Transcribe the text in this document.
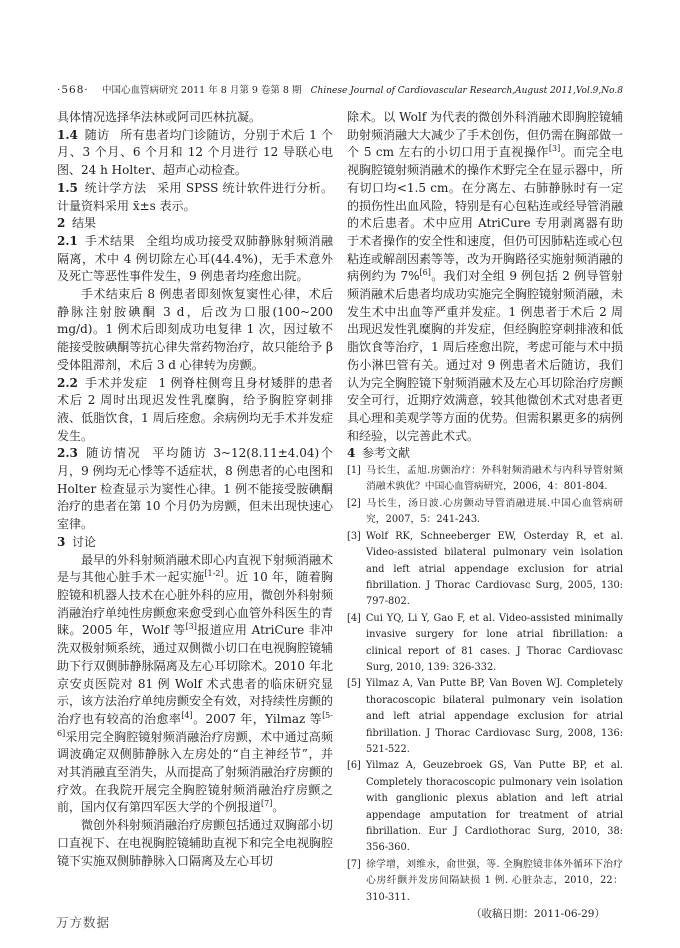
·568·	中国心血管病研究 2011 年 8 月第 9 卷第 8 期 Chinese Journal of Cardiovascular Research,August 2011,Vol.9,No.8

具体情况选择华法林或阿司匹林抗凝。

1.4 随访 所有患者均门诊随访，分别于术后 1 个月、3 个月、6 个月和 12 个月进行 12 导联心电图、24 h Holter、超声心动检查。

1.5 统计学方法 采用 SPSS 统计软件进行分析。计量资料采用 x̄±s 表示。

2 结果

2.1 手术结果 全组均成功接受双肺静脉射频消融隔离，术中 4 例切除左心耳(44.4%)，无手术意外及死亡等恶性事件发生，9 例患者均痊愈出院。

手术结束后 8 例患者即刻恢复窦性心律，术后静脉注射胺碘酮 3 d，后改为口服(100~200 mg/d)。1 例术后即刻成功电复律 1 次，因过敏不能接受胺碘酮等抗心律失常药物治疗，故只能给予 β 受体阻滞剂，术后 3 d 心律转为房颤。

2.2 手术并发症 1 例脊柱侧弯且身材矮胖的患者术后 2 周时出现迟发性乳糜胸，给予胸腔穿刺排液、低脂饮食，1 周后痊愈。余病例均无手术并发症发生。

2.3 随访情况 平均随访 3~12(8.11±4.04)个月，9 例均无心悸等不适症状，8 例患者的心电图和 Holter 检查显示为窦性心律。1 例不能接受胺碘酮治疗的患者在第 10 个月仍为房颤，但未出现快速心室律。

3 讨论

最早的外科射频消融术即心内直视下射频消融术是与其他心脏手术一起实施[1-2]。近 10 年，随着胸腔镜和机器人技术在心脏外科的应用，微创外科射频消融治疗单纯性房颤愈来愈受到心血管外科医生的青睐。2005 年，Wolf 等[3]报道应用 AtriCure 非冲洗双极射频系统，通过双侧微小切口在电视胸腔镜辅助下行双侧肺静脉隔离及左心耳切除术。2010 年北京安贞医院对 81 例 Wolf 术式患者的临床研究显示，该方法治疗单纯房颤安全有效，对持续性房颤的治疗也有较高的治愈率[4]。2007 年，Yilmaz 等[5-6]采用完全胸腔镜射频消融治疗房颤，术中通过高频调波确定双侧肺静脉入左房处的“自主神经节”，并对其消融直至消失，从而提高了射频消融治疗房颤的疗效。在我院开展完全胸腔镜射频消融治疗房颤之前，国内仅有第四军医大学的个例报道[7]。

微创外科射频消融治疗房颤包括通过双胸部小切口直视下、在电视胸腔镜辅助直视下和完全电视胸腔镜下实施双侧肺静脉入口隔离及左心耳切

除术。以 Wolf 为代表的微创外科消融术即胸腔镜辅助射频消融大大减少了手术创伤，但仍需在胸部做一个 5 cm 左右的小切口用于直视操作[3]。而完全电视胸腔镜射频消融术的操作术野完全在显示器中，所有切口均<1.5 cm。在分离左、右肺静脉时有一定的损伤性出血风险，特别是有心包粘连或经导管消融的术后患者。术中应用 AtriCure 专用剥离器有助于术者操作的安全性和速度，但仍可因肺粘连或心包粘连或解剖因素等等，改为开胸路径实施射频消融的病例约为 7%[6]。我们对全组 9 例包括 2 例导管射频消融术后患者均成功实施完全胸腔镜射频消融，未发生术中出血等严重并发症。1 例患者于术后 2 周出现迟发性乳糜胸的并发症，但经胸腔穿刺排液和低脂饮食等治疗，1 周后痊愈出院，考虑可能与术中损伤小淋巴管有关。通过对 9 例患者术后随访，我们认为完全胸腔镜下射频消融术及左心耳切除治疗房颤安全可行，近期疗效满意，较其他微创术式对患者更具心理和美观学等方面的优势。但需积累更多的病例和经验，以完善此术式。

4 参考文献

[1] 马长生，孟旭.房颤治疗：外科射频消融术与内科导管射频消融术孰优？中国心血管病研究，2006，4：801-804.

[2] 马长生，汤日波.心房颤动导管消融进展.中国心血管病研究，2007，5：241-243.

[3] Wolf RK, Schneeberger EW, Osterday R, et al. Video-assisted bilateral pulmonary vein isolation and left atrial appendage exclusion for atrial fibrillation. J Thorac Cardiovasc Surg, 2005, 130: 797-802.

[4] Cui YQ, Li Y, Gao F, et al. Video-assisted minimally invasive surgery for lone atrial fibrillation: a clinical report of 81 cases. J Thorac Cardiovasc Surg, 2010, 139: 326-332.

[5] Yilmaz A, Van Putte BP, Van Boven WJ. Completely thoracoscopic bilateral pulmonary vein isolation and left atrial appendage exclusion for atrial fibrillation. J Thorac Cardiovasc Surg, 2008, 136: 521-522.

[6] Yilmaz A, Geuzebroek GS, Van Putte BP, et al. Completely thoracoscopic pulmonary vein isolation with ganglionic plexus ablation and left atrial appendage amputation for treatment of atrial fibrillation. Eur J Cardiothorac Surg, 2010, 38: 356-360.

[7] 徐学增，刘维永，俞世强，等. 全胸腔镜非体外循环下治疗心房纤颤并发房间隔缺损 1 例. 心脏杂志，2010，22：310-311.

（收稿日期：2011-06-29）

万方数据
